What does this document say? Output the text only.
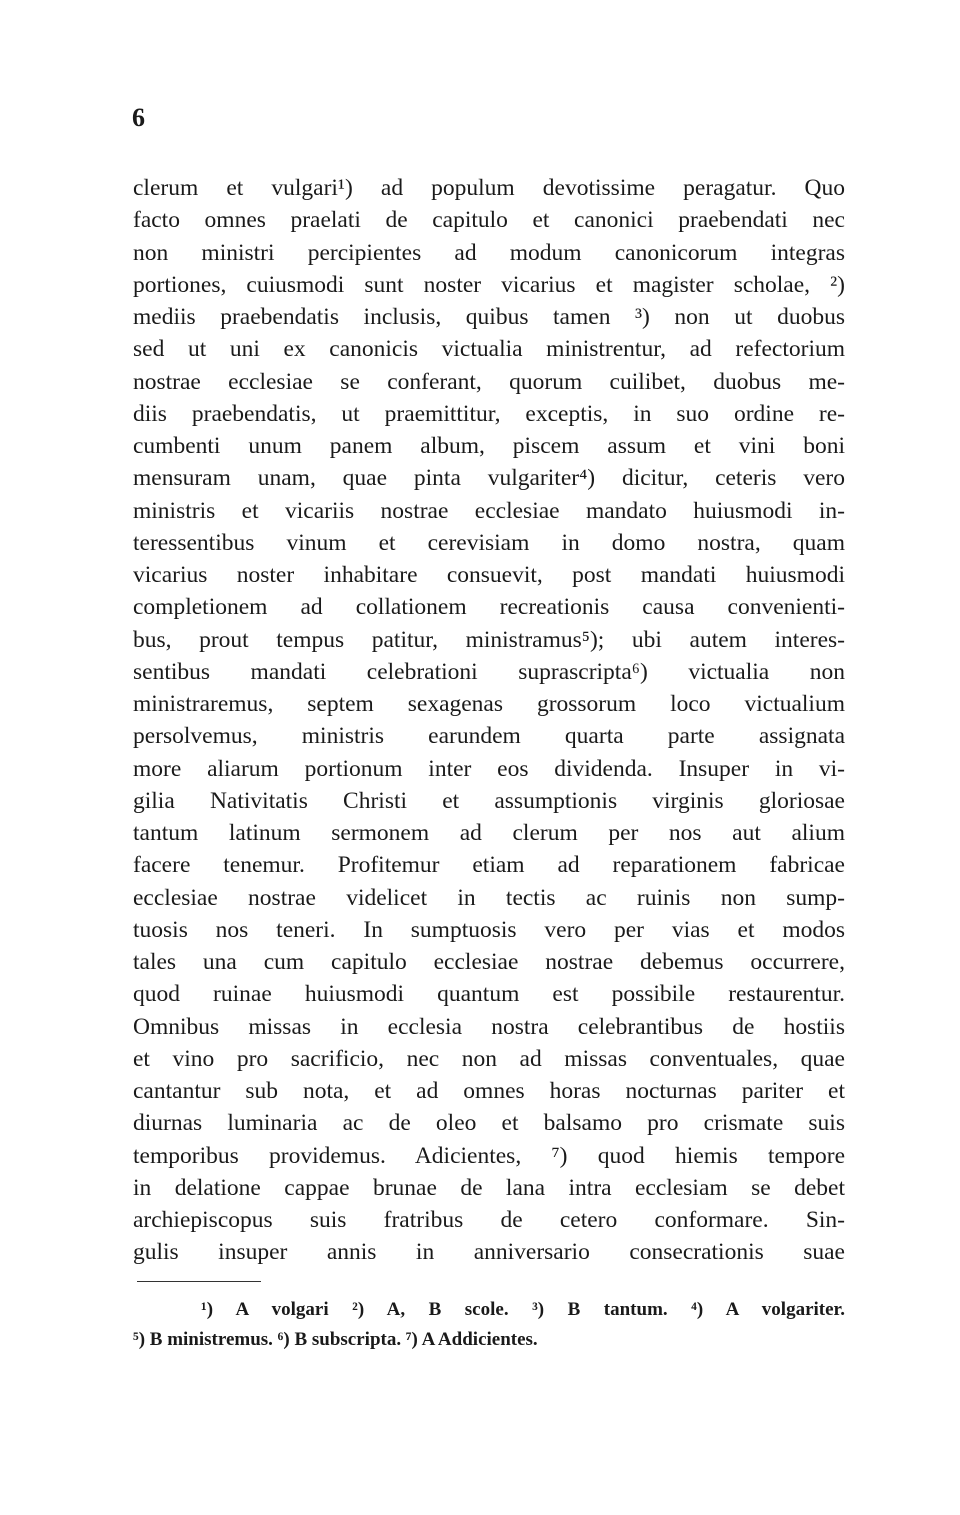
6
clerum et vulgari¹) ad populum devotissime peragatur. Quo
facto omnes praelati de capitulo et canonici praebendati nec
non ministri percipientes ad modum canonicorum integras
portiones, cuiusmodi sunt noster vicarius et magister scholae, ²)
mediis praebendatis inclusis, quibus tamen ³) non ut duobus
sed ut uni ex canonicis victualia ministrentur, ad refectorium
nostrae ecclesiae se conferant, quorum cuilibet, duobus me-
diis praebendatis, ut praemittitur, exceptis, in suo ordine re-
cumbenti unum panem album, piscem assum et vini boni
mensuram unam, quae pinta vulgariter⁴) dicitur, ceteris vero
ministris et vicariis nostrae ecclesiae mandato huiusmodi in-
teressentibus vinum et cerevisiam in domo nostra, quam
vicarius noster inhabitare consuevit, post mandati huiusmodi
completionem ad collationem recreationis causa convenienti-
bus, prout tempus patitur, ministramus⁵); ubi autem interes-
sentibus mandati celebrationi suprascripta⁶) victualia non
ministraremus, septem sexagenas grossorum loco victualium
persolvemus, ministris earundem quarta parte assignata
more aliarum portionum inter eos dividenda. Insuper in vi-
gilia Nativitatis Christi et assumptionis virginis gloriosae
tantum latinum sermonem ad clerum per nos aut alium
facere tenemur. Profitemur etiam ad reparationem fabricae
ecclesiae nostrae videlicet in tectis ac ruinis non sump-
tuosis nos teneri. In sumptuosis vero per vias et modos
tales una cum capitulo ecclesiae nostrae debemus occurrere,
quod ruinae huiusmodi quantum est possibile restaurentur.
Omnibus missas in ecclesia nostra celebrantibus de hostiis
et vino pro sacrificio, nec non ad missas conventuales, quae
cantantur sub nota, et ad omnes horas nocturnas pariter et
diurnas luminaria ac de oleo et balsamo pro crismate suis
temporibus providemus. Adicientes, ⁷) quod hiemis tempore
in delatione cappae brunae de lana intra ecclesiam se debet
archiepiscopus suis fratribus de cetero conformare. Sin-
gulis insuper annis in anniversario consecrationis suae
¹) A volgari ²) A, B scole. ³) B tantum. ⁴) A volgariter.
⁵) B ministremus. ⁶) B subscripta. ⁷) A Addicientes.
